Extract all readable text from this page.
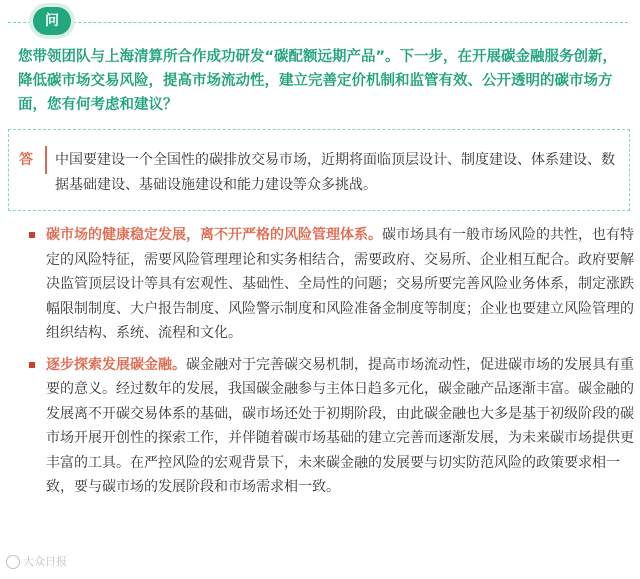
问
您带领团队与上海清算所合作成功研发“碳配额远期产品”。下一步，在开展碳金融服务创新，降低碳市场交易风险，提高市场流动性，建立完善定价机制和监管有效、公开透明的碳市场方面，您有何考虑和建议？
答	中国要建设一个全国性的碳排放交易市场，近期将面临顶层设计、制度建设、体系建设、数据基础建设、基础设施建设和能力建设等众多挑战。
碳市场的健康稳定发展，离不开严格的风险管理体系。碳市场具有一般市场风险的共性，也有特定的风险特征，需要风险管理理论和实务相结合，需要政府、交易所、企业相互配合。政府要解决监管顶层设计等具有宏观性、基础性、全局性的问题；交易所要完善风险业务体系，制定涨跌幅限制制度、大户报告制度、风险警示制度和风险准备金制度等制度；企业也要建立风险管理的组织结构、系统、流程和文化。
逐步探索发展碳金融。碳金融对于完善碳交易机制，提高市场流动性，促进碳市场的发展具有重要的意义。经过数年的发展，我国碳金融参与主体日趋多元化，碳金融产品逐渐丰富。碳金融的发展离不开碳交易体系的基础，碳市场还处于初期阶段，由此碳金融也大多是基于初级阶段的碳市场开展开创性的探索工作，并伴随着碳市场基础的建立完善而逐渐发展，为未来碳市场提供更丰富的工具。在严控风险的宏观背景下，未来碳金融的发展要与切实防范风险的政策要求相一致，要与碳市场的发展阶段和市场需求相一致。
大众日报
